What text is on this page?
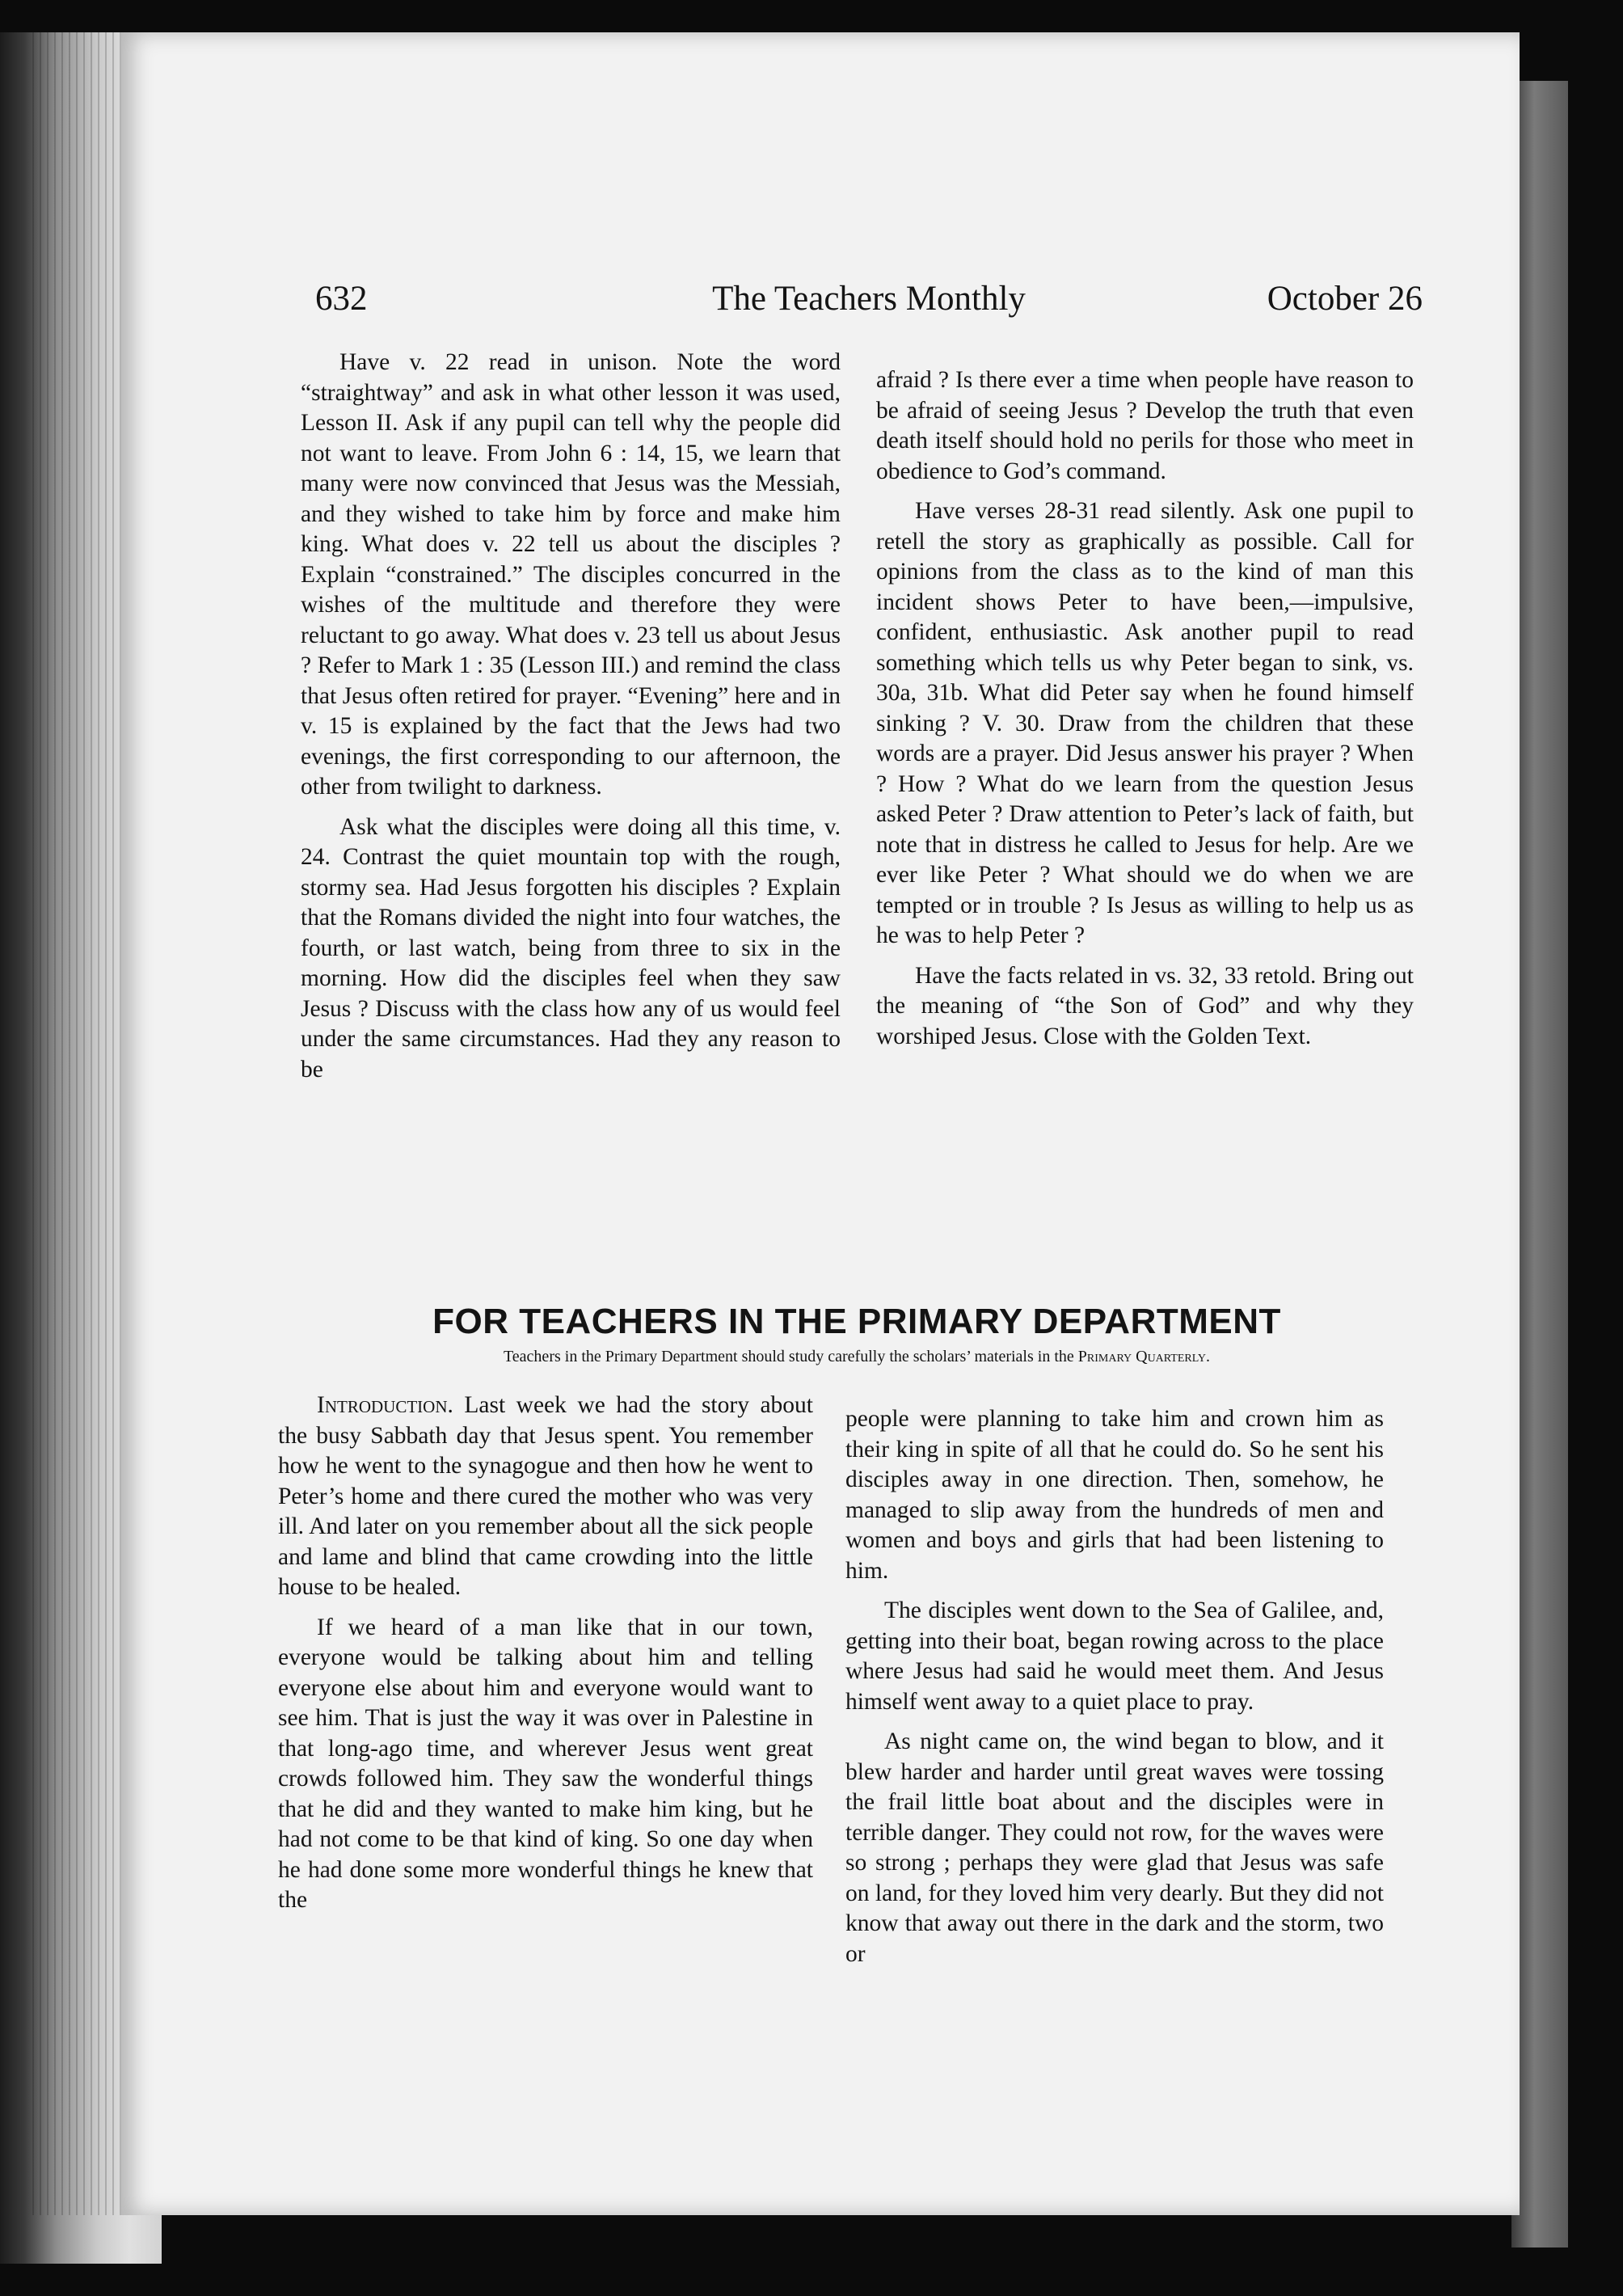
632	The Teachers Monthly	October 26

Have v. 22 read in unison. Note the word “straightway” and ask in what other lesson it was used, Lesson II. Ask if any pupil can tell why the people did not want to leave. From John 6 : 14, 15, we learn that many were now convinced that Jesus was the Messiah, and they wished to take him by force and make him king. What does v. 22 tell us about the disciples ? Explain “constrained.” The disciples concurred in the wishes of the multitude and therefore they were reluctant to go away. What does v. 23 tell us about Jesus ? Refer to Mark 1 : 35 (Lesson III.) and remind the class that Jesus often retired for prayer. “Evening” here and in v. 15 is explained by the fact that the Jews had two evenings, the first corresponding to our afternoon, the other from twilight to darkness.

Ask what the disciples were doing all this time, v. 24. Contrast the quiet mountain top with the rough, stormy sea. Had Jesus forgotten his disciples ? Explain that the Romans divided the night into four watches, the fourth, or last watch, being from three to six in the morning. How did the disciples feel when they saw Jesus ? Discuss with the class how any of us would feel under the same circumstances. Had they any reason to be

afraid ? Is there ever a time when people have reason to be afraid of seeing Jesus ? Develop the truth that even death itself should hold no perils for those who meet in obedience to God’s command.

Have verses 28-31 read silently. Ask one pupil to retell the story as graphically as possible. Call for opinions from the class as to the kind of man this incident shows Peter to have been,—impulsive, confident, enthusiastic. Ask another pupil to read something which tells us why Peter began to sink, vs. 30a, 31b. What did Peter say when he found himself sinking ? V. 30. Draw from the children that these words are a prayer. Did Jesus answer his prayer ? When ? How ? What do we learn from the question Jesus asked Peter ? Draw attention to Peter’s lack of faith, but note that in distress he called to Jesus for help. Are we ever like Peter ? What should we do when we are tempted or in trouble ? Is Jesus as willing to help us as he was to help Peter ?

Have the facts related in vs. 32, 33 retold. Bring out the meaning of “the Son of God” and why they worshiped Jesus. Close with the Golden Text.

FOR TEACHERS IN THE PRIMARY DEPARTMENT
Teachers in the Primary Department should study carefully the scholars’ materials in the Primary Quarterly.

Introduction. Last week we had the story about the busy Sabbath day that Jesus spent. You remember how he went to the synagogue and then how he went to Peter’s home and there cured the mother who was very ill. And later on you remember about all the sick people and lame and blind that came crowding into the little house to be healed.

If we heard of a man like that in our town, everyone would be talking about him and telling everyone else about him and everyone would want to see him. That is just the way it was over in Palestine in that long-ago time, and wherever Jesus went great crowds followed him. They saw the wonderful things that he did and they wanted to make him king, but he had not come to be that kind of king. So one day when he had done some more wonderful things he knew that the

people were planning to take him and crown him as their king in spite of all that he could do. So he sent his disciples away in one direction. Then, somehow, he managed to slip away from the hundreds of men and women and boys and girls that had been listening to him.

The disciples went down to the Sea of Galilee, and, getting into their boat, began rowing across to the place where Jesus had said he would meet them. And Jesus himself went away to a quiet place to pray.

As night came on, the wind began to blow, and it blew harder and harder until great waves were tossing the frail little boat about and the disciples were in terrible danger. They could not row, for the waves were so strong ; perhaps they were glad that Jesus was safe on land, for they loved him very dearly. But they did not know that away out there in the dark and the storm, two or
